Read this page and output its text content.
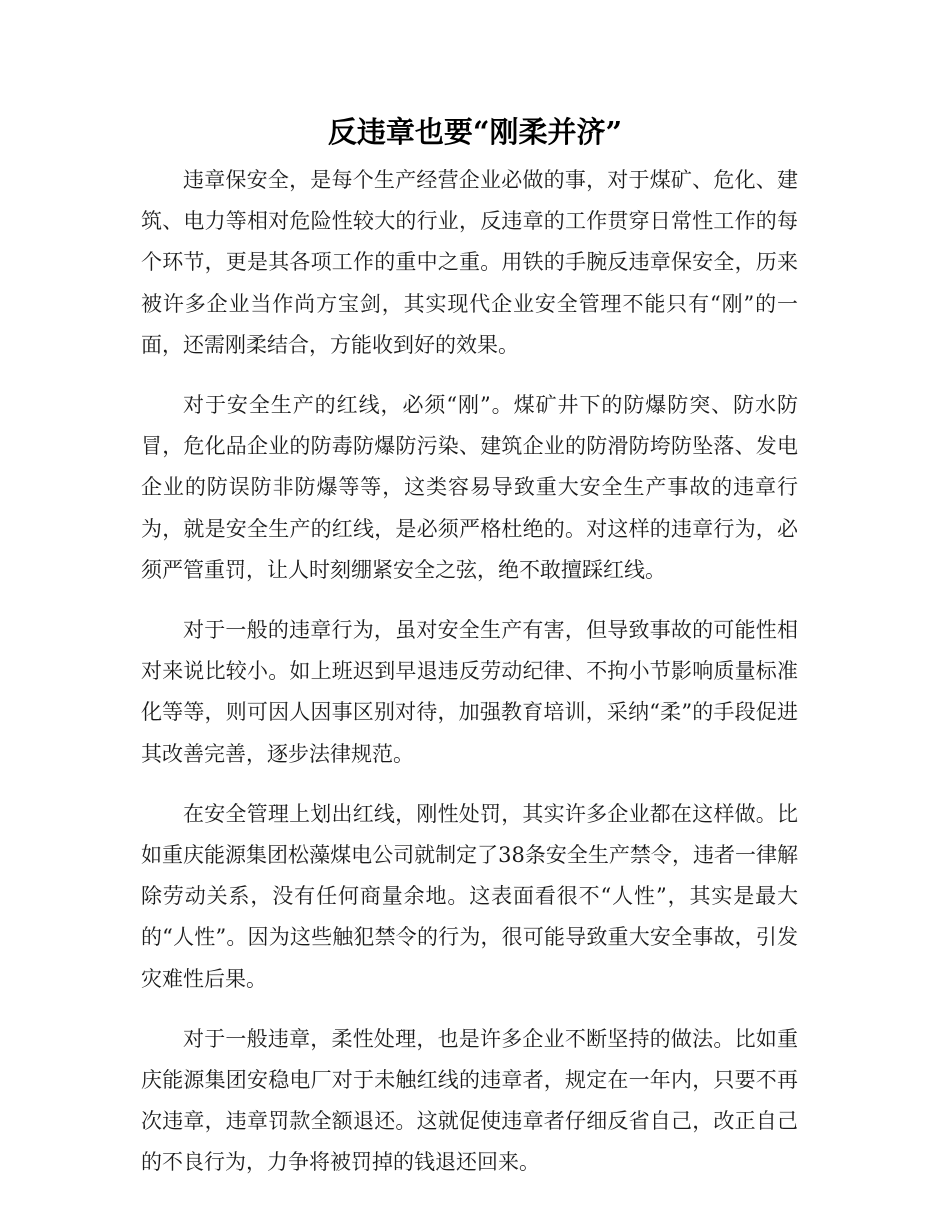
反违章也要“刚柔并济”

违章保安全，是每个生产经营企业必做的事，对于煤矿、危化、建筑、电力等相对危险性较大的行业，反违章的工作贯穿日常性工作的每个环节，更是其各项工作的重中之重。用铁的手腕反违章保安全，历来被许多企业当作尚方宝剑，其实现代企业安全管理不能只有“刚”的一面，还需刚柔结合，方能收到好的效果。

对于安全生产的红线，必须“刚”。煤矿井下的防爆防突、防水防冒，危化品企业的防毒防爆防污染、建筑企业的防滑防垮防坠落、发电企业的防误防非防爆等等，这类容易导致重大安全生产事故的违章行为，就是安全生产的红线，是必须严格杜绝的。对这样的违章行为，必须严管重罚，让人时刻绷紧安全之弦，绝不敢擅踩红线。

对于一般的违章行为，虽对安全生产有害，但导致事故的可能性相对来说比较小。如上班迟到早退违反劳动纪律、不拘小节影响质量标准化等等，则可因人因事区别对待，加强教育培训，采纳“柔”的手段促进其改善完善，逐步法律规范。

在安全管理上划出红线，刚性处罚，其实许多企业都在这样做。比如重庆能源集团松藻煤电公司就制定了38条安全生产禁令，违者一律解除劳动关系，没有任何商量余地。这表面看很不“人性”，其实是最大的“人性”。因为这些触犯禁令的行为，很可能导致重大安全事故，引发灾难性后果。

对于一般违章，柔性处理，也是许多企业不断坚持的做法。比如重庆能源集团安稳电厂对于未触红线的违章者，规定在一年内，只要不再次违章，违章罚款全额退还。这就促使违章者仔细反省自己，改正自己的不良行为，力争将被罚掉的钱退还回来。
